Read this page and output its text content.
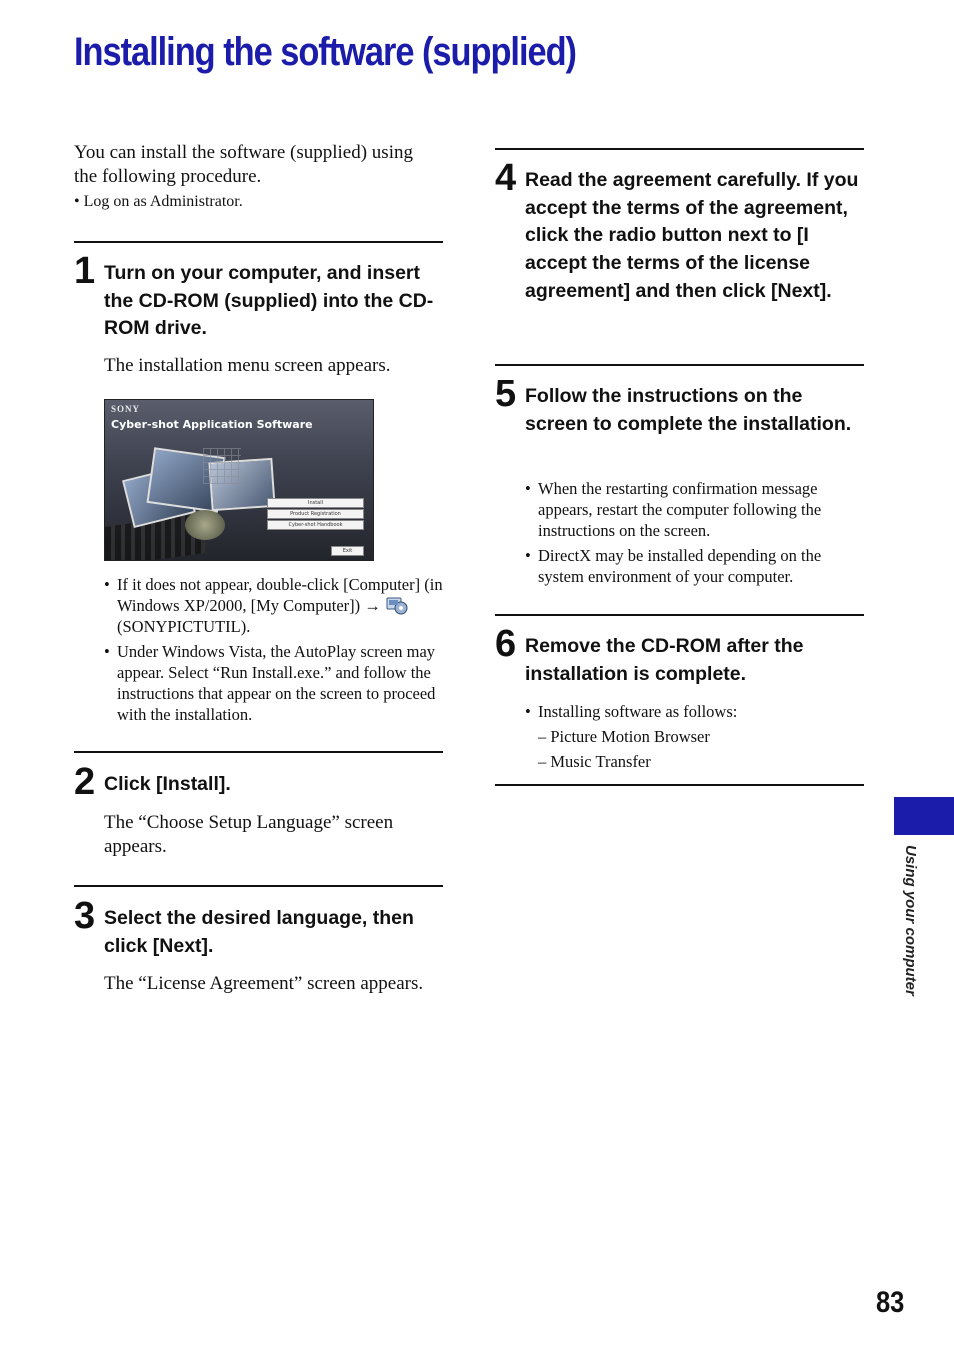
Installing the software (supplied)
You can install the software (supplied) using the following procedure.
• Log on as Administrator.
1 Turn on your computer, and insert the CD-ROM (supplied) into the CD-ROM drive.
The installation menu screen appears.
SONY
Cyber-shot Application Software
Install
Product Registration
Cyber-shot Handbook
Exit
• If it does not appear, double-click [Computer] (in Windows XP/2000, [My Computer]) →(SONYPICTUTIL).
• Under Windows Vista, the AutoPlay screen may appear. Select “Run Install.exe.” and follow the instructions that appear on the screen to proceed with the installation.
2 Click [Install].
The “Choose Setup Language” screen appears.
3 Select the desired language, then click [Next].
The “License Agreement” screen appears.
4 Read the agreement carefully. If you accept the terms of the agreement, click the radio button next to [I accept the terms of the license agreement] and then click [Next].
5 Follow the instructions on the screen to complete the installation.
• When the restarting confirmation message appears, restart the computer following the instructions on the screen.
• DirectX may be installed depending on the system environment of your computer.
6 Remove the CD-ROM after the installation is complete.
• Installing software as follows:
– Picture Motion Browser
– Music Transfer
Using your computer
83
